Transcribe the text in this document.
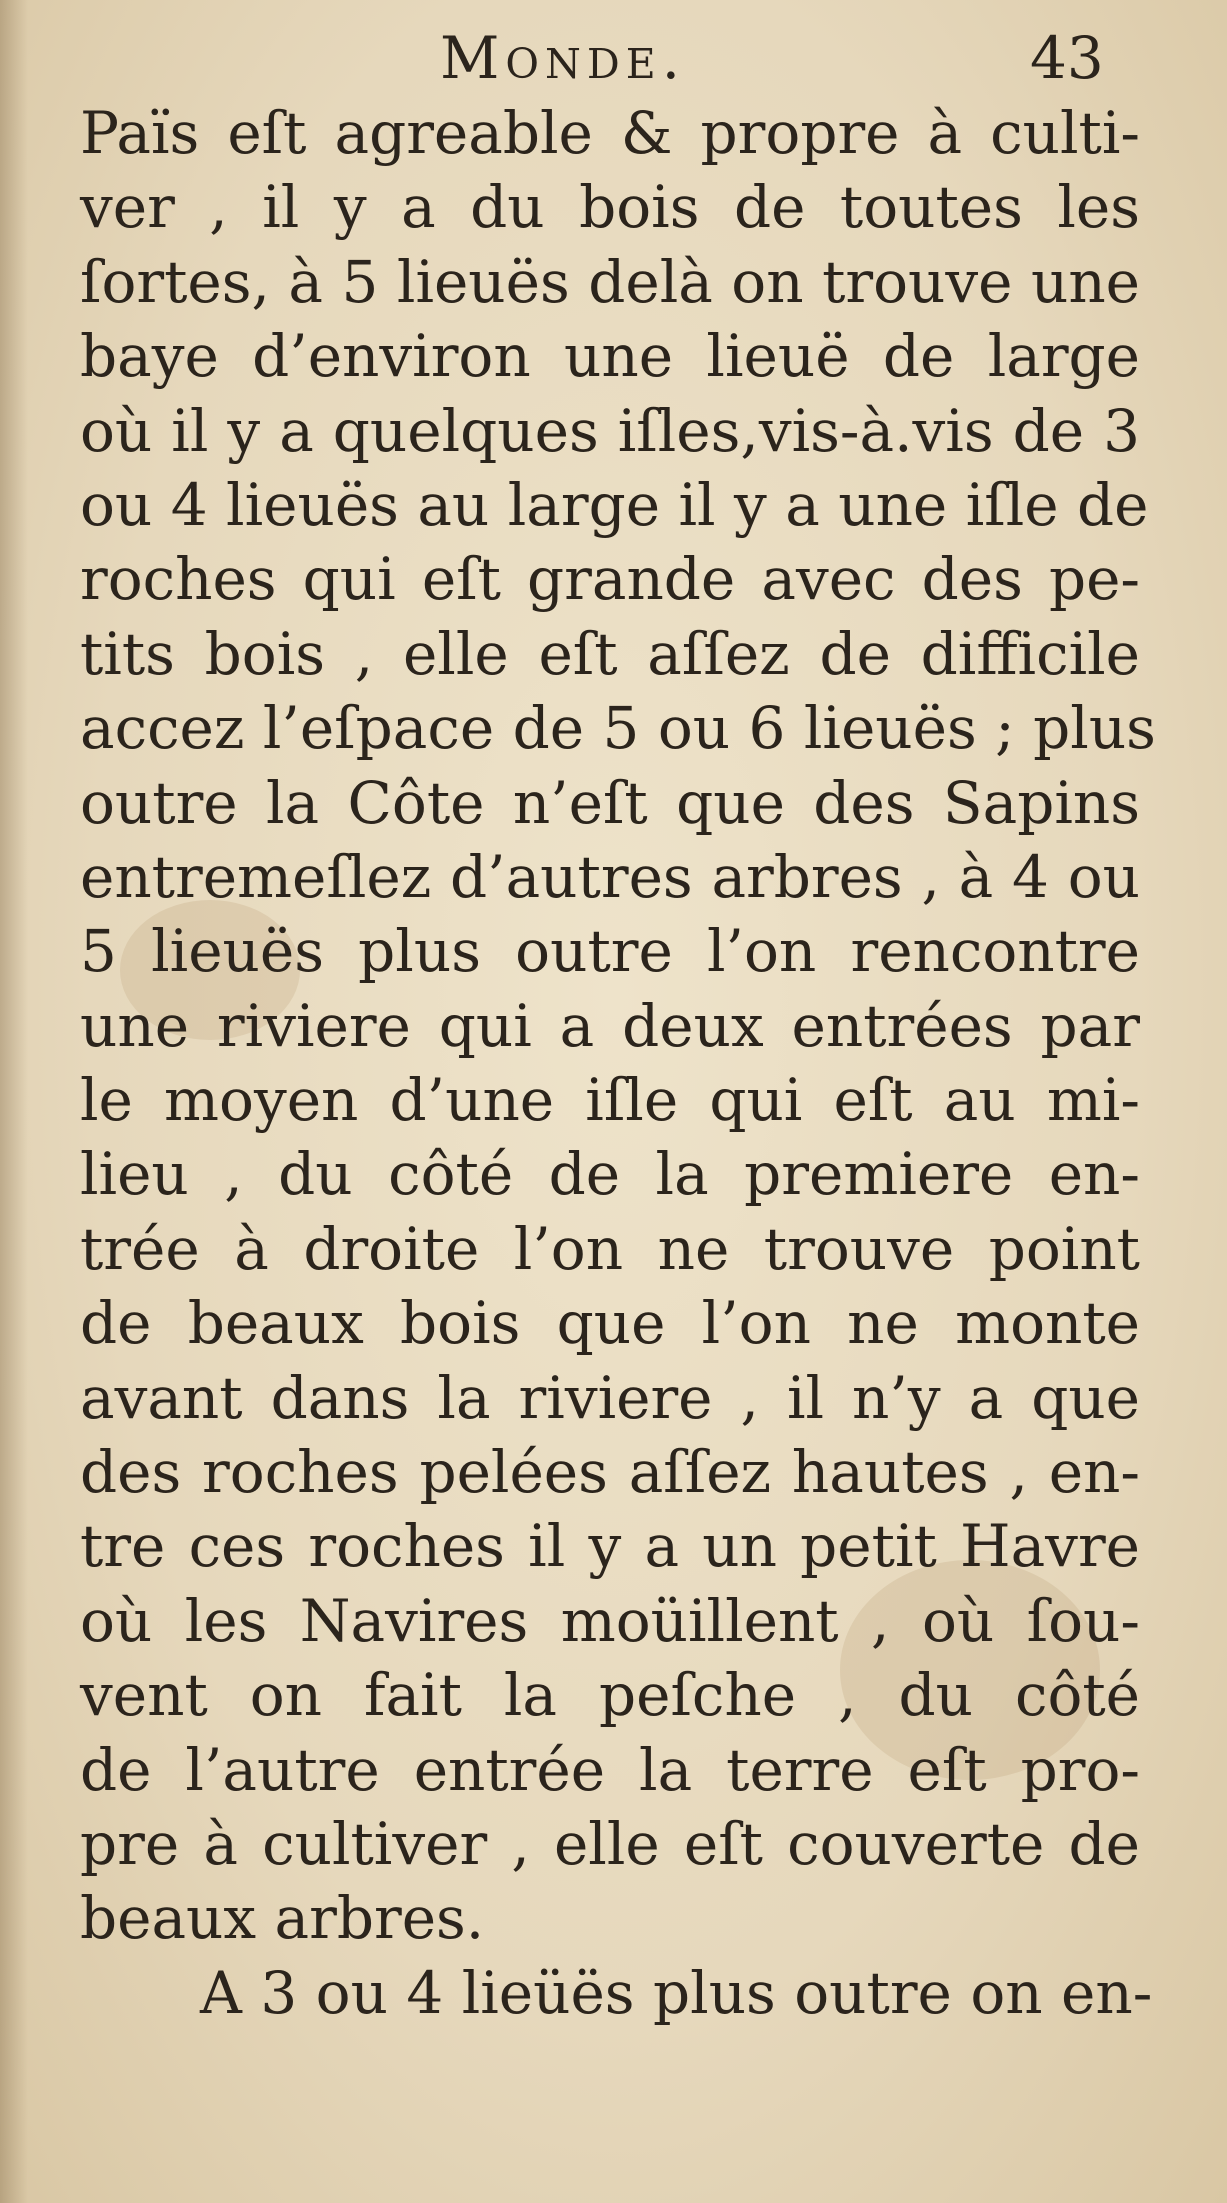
Monde.	43
Païs eſt agreable & propre à culti-
ver , il y a du bois de toutes les
ſortes, à 5 lieuës delà on trouve une
baye d’environ une lieuë de large
où il y a quelques iſles,vis-à.vis de 3
ou 4 lieuës au large il y a une iſle de
roches qui eſt grande avec des pe-
tits bois , elle eſt aſſez de difficile
accez l’eſpace de 5 ou 6 lieuës ; plus
outre la Côte n’eſt que des Sapins
entremeſlez d’autres arbres , à 4 ou
5 lieuës plus outre l’on rencontre
une riviere qui a deux entrées par
le moyen d’une iſle qui eſt au mi-
lieu , du côté de la premiere en-
trée à droite l’on ne trouve point
de beaux bois que l’on ne monte
avant dans la riviere , il n’y a que
des roches pelées aſſez hautes , en-
tre ces roches il y a un petit Havre
où les Navires moüillent , où ſou-
vent on fait la peſche , du côté
de l’autre entrée la terre eſt pro-
pre à cultiver , elle eſt couverte de
beaux arbres.
A 3 ou 4 lieüës plus outre on en-
